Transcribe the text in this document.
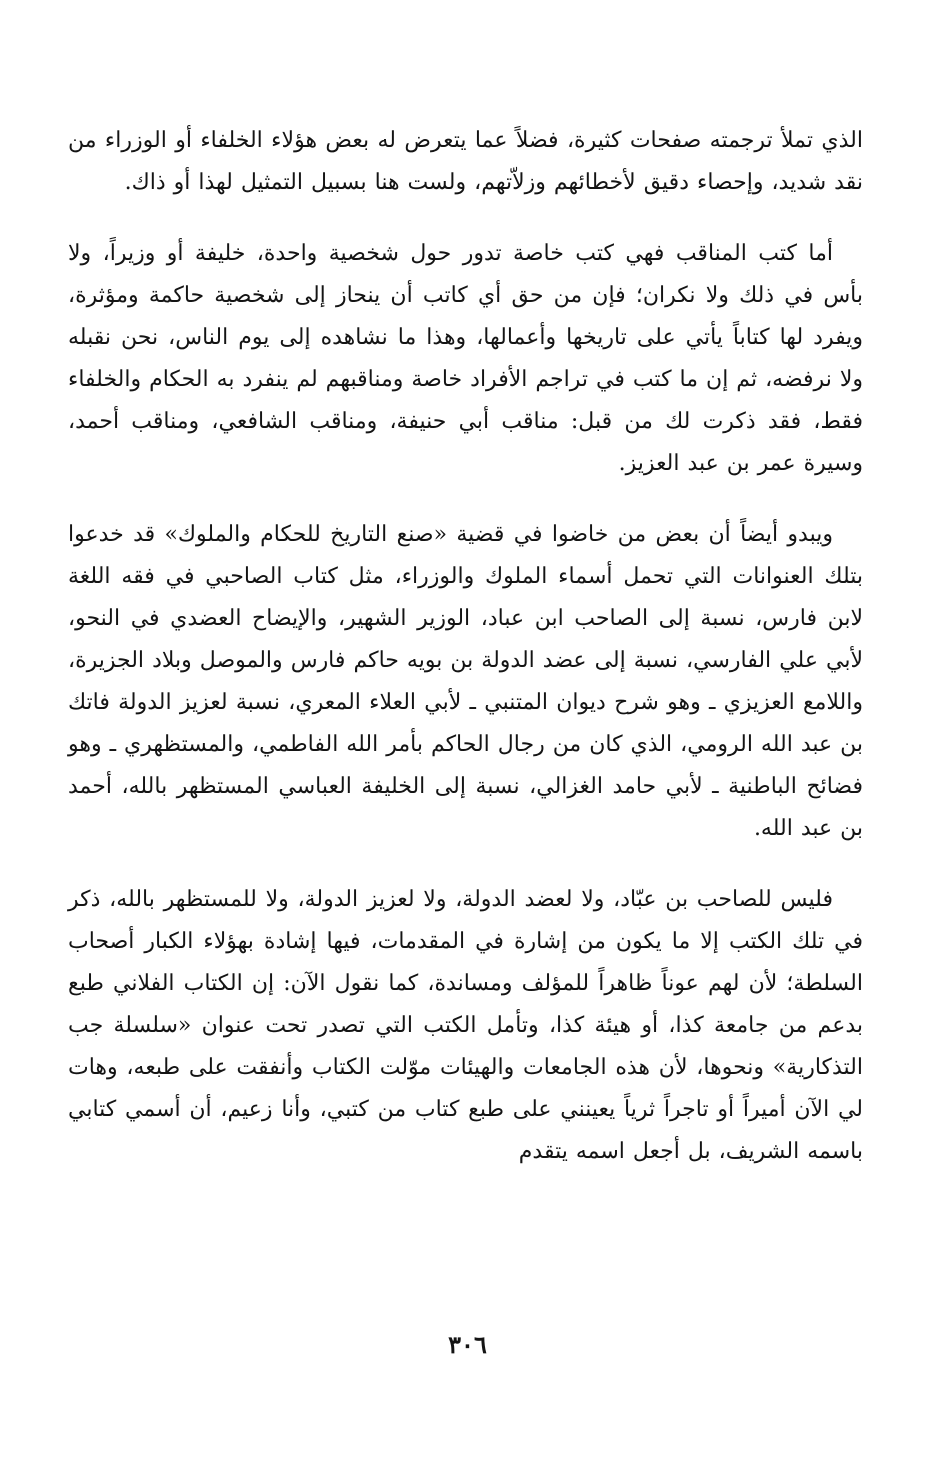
الذي تملأ ترجمته صفحات كثيرة، فضلاً عما يتعرض له بعض هؤلاء الخلفاء أو الوزراء من نقد شديد، وإحصاء دقيق لأخطائهم وزلاّتهم، ولست هنا بسبيل التمثيل لهذا أو ذاك.

أما كتب المناقب فهي كتب خاصة تدور حول شخصية واحدة، خليفة أو وزيراً، ولا بأس في ذلك ولا نكران؛ فإن من حق أي كاتب أن ينحاز إلى شخصية حاكمة ومؤثرة، ويفرد لها كتاباً يأتي على تاريخها وأعمالها، وهذا ما نشاهده إلى يوم الناس، نحن نقبله ولا نرفضه، ثم إن ما كتب في تراجم الأفراد خاصة ومناقبهم لم ينفرد به الحكام والخلفاء فقط، فقد ذكرت لك من قبل: مناقب أبي حنيفة، ومناقب الشافعي، ومناقب أحمد، وسيرة عمر بن عبد العزيز.

ويبدو أيضاً أن بعض من خاضوا في قضية «صنع التاريخ للحكام والملوك» قد خدعوا بتلك العنوانات التي تحمل أسماء الملوك والوزراء، مثل كتاب الصاحبي في فقه اللغة لابن فارس، نسبة إلى الصاحب ابن عباد، الوزير الشهير، والإيضاح العضدي في النحو، لأبي علي الفارسي، نسبة إلى عضد الدولة بن بويه حاكم فارس والموصل وبلاد الجزيرة، واللامع العزيزي ـ وهو شرح ديوان المتنبي ـ لأبي العلاء المعري، نسبة لعزيز الدولة فاتك بن عبد الله الرومي، الذي كان من رجال الحاكم بأمر الله الفاطمي، والمستظهري ـ وهو فضائح الباطنية ـ لأبي حامد الغزالي، نسبة إلى الخليفة العباسي المستظهر بالله، أحمد بن عبد الله.

فليس للصاحب بن عبّاد، ولا لعضد الدولة، ولا لعزيز الدولة، ولا للمستظهر بالله، ذكر في تلك الكتب إلا ما يكون من إشارة في المقدمات، فيها إشادة بهؤلاء الكبار أصحاب السلطة؛ لأن لهم عوناً ظاهراً للمؤلف ومساندة، كما نقول الآن: إن الكتاب الفلاني طبع بدعم من جامعة كذا، أو هيئة كذا، وتأمل الكتب التي تصدر تحت عنوان «سلسلة جب التذكارية» ونحوها، لأن هذه الجامعات والهيئات موّلت الكتاب وأنفقت على طبعه، وهات لي الآن أميراً أو تاجراً ثرياً يعينني على طبع كتاب من كتبي، وأنا زعيم، أن أسمي كتابي باسمه الشريف، بل أجعل اسمه يتقدم

٣٠٦
